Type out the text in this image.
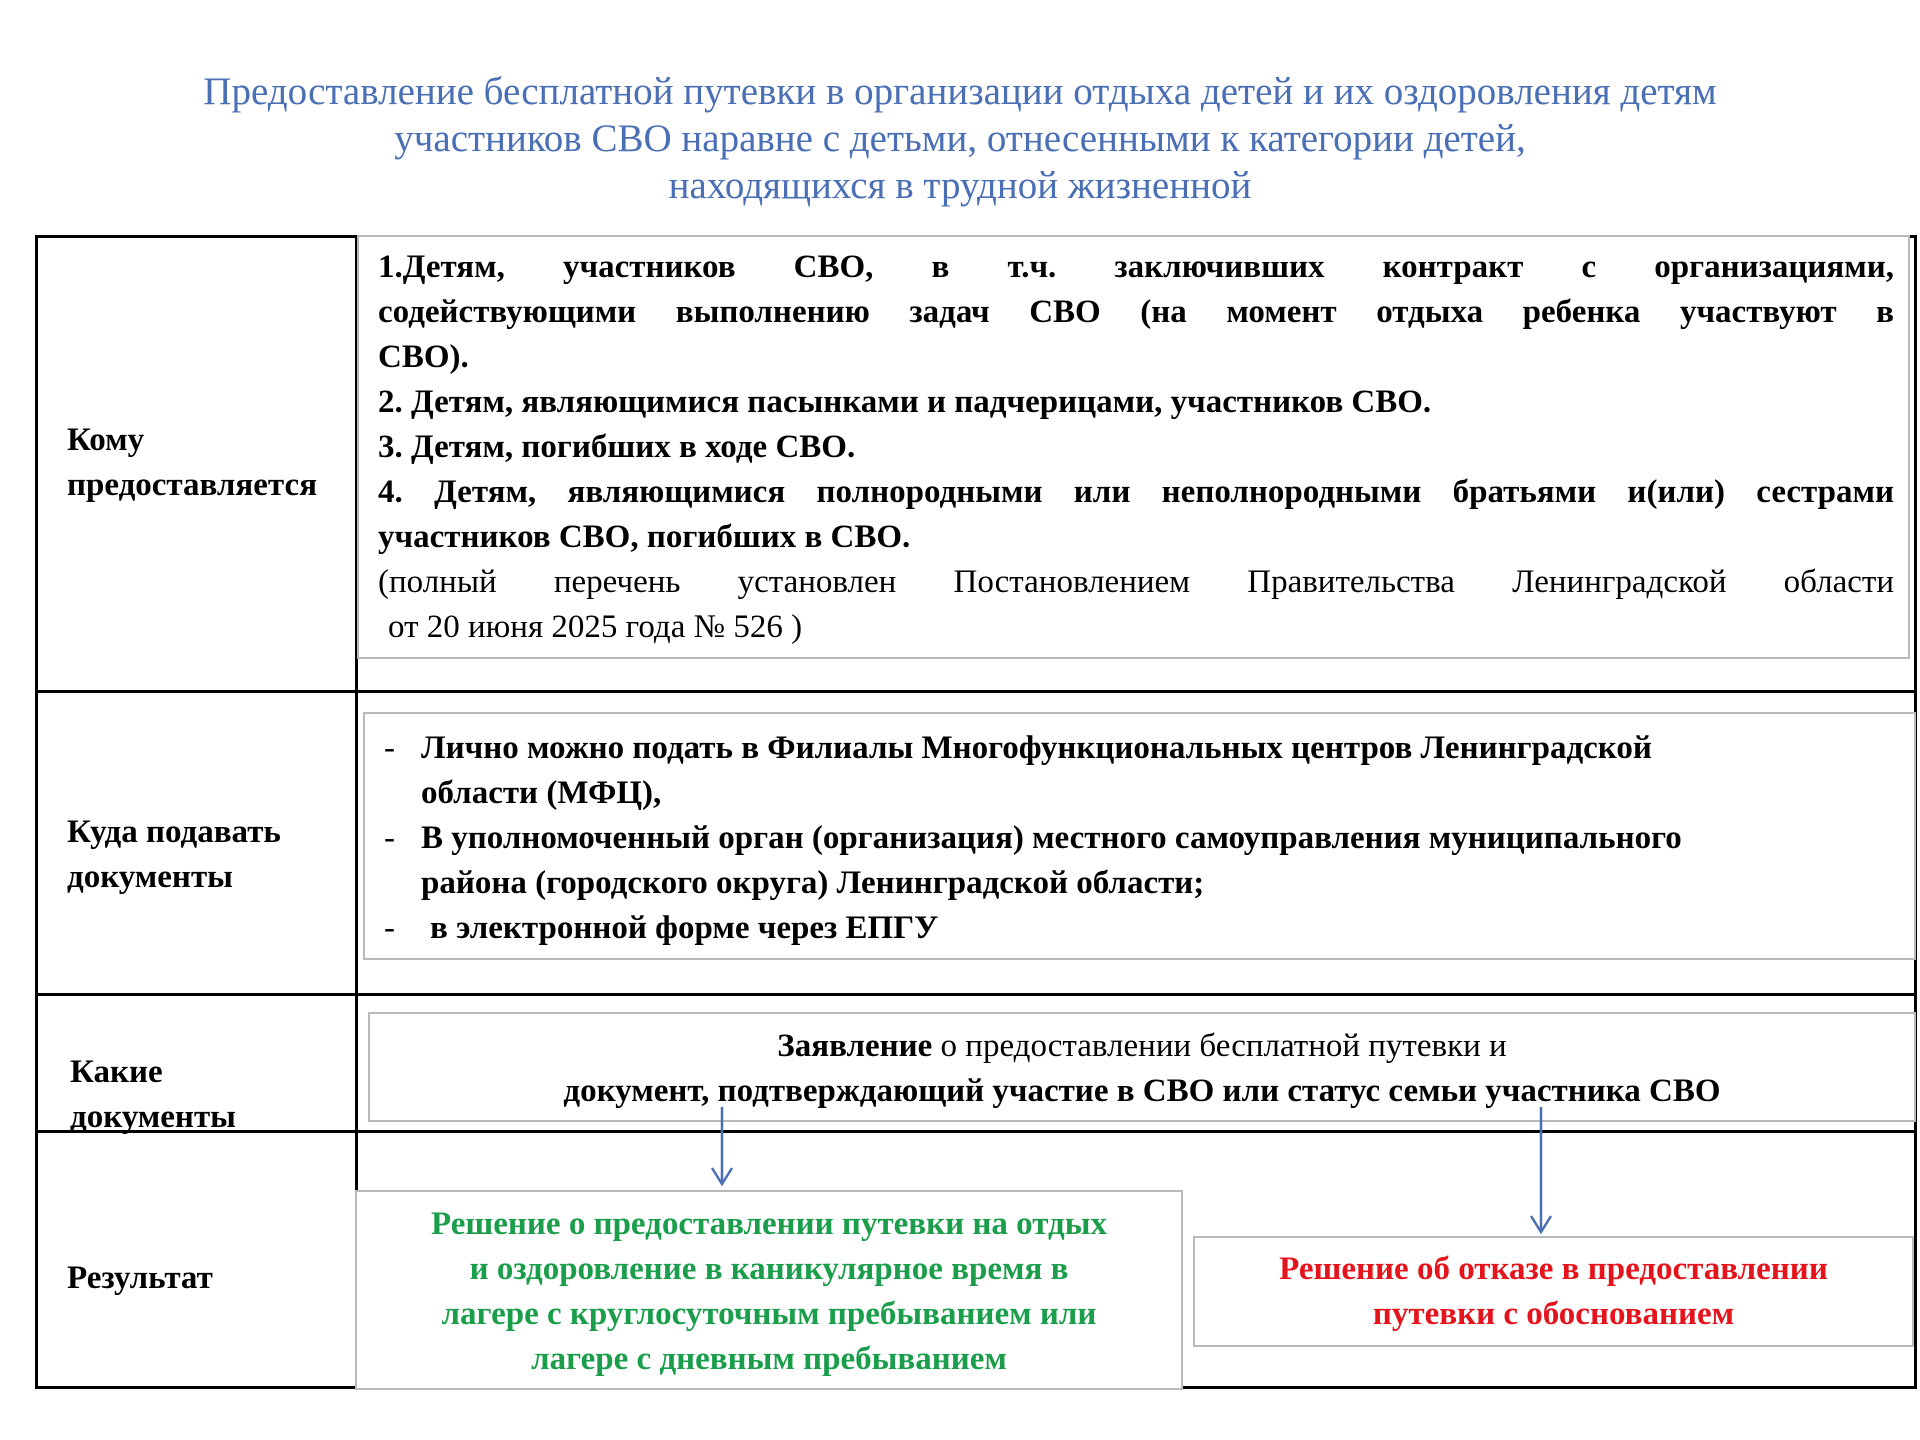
Предоставление бесплатной путевки в организации отдыха детей и их оздоровления детям
участников СВО наравне с детьми, отнесенными к категории детей,
находящихся в трудной жизненной
Кому
предоставляется
1.Детям, участников СВО, в т.ч. заключивших контракт с организациями,
содействующими выполнению задач СВО (на момент отдыха ребенка участвуют в
СВО).
2. Детям, являющимися пасынками и падчерицами, участников СВО.
3. Детям, погибших в ходе СВО.
4. Детям, являющимися полнородными или неполнородными братьями и(или) сестрами
участников СВО, погибших в СВО.
(полный перечень установлен Постановлением Правительства Ленинградской области
от 20 июня 2025 года № 526 )
Куда подавать
документы
-
-
-
Лично можно подать в Филиалы Многофункциональных центров Ленинградской
области (МФЦ),
В уполномоченный орган (организация) местного самоуправления муниципального
района (городского округа) Ленинградской области;
в электронной форме через ЕПГУ
Какие
документы
Заявление о предоставлении бесплатной путевки и
документ, подтверждающий участие в СВО или статус семьи участника СВО
Результат
Решение о предоставлении путевки на отдых
и оздоровление в каникулярное время в
лагере с круглосуточным пребыванием или
лагере с дневным пребыванием
Решение об отказе в предоставлении
путевки с обоснованием
